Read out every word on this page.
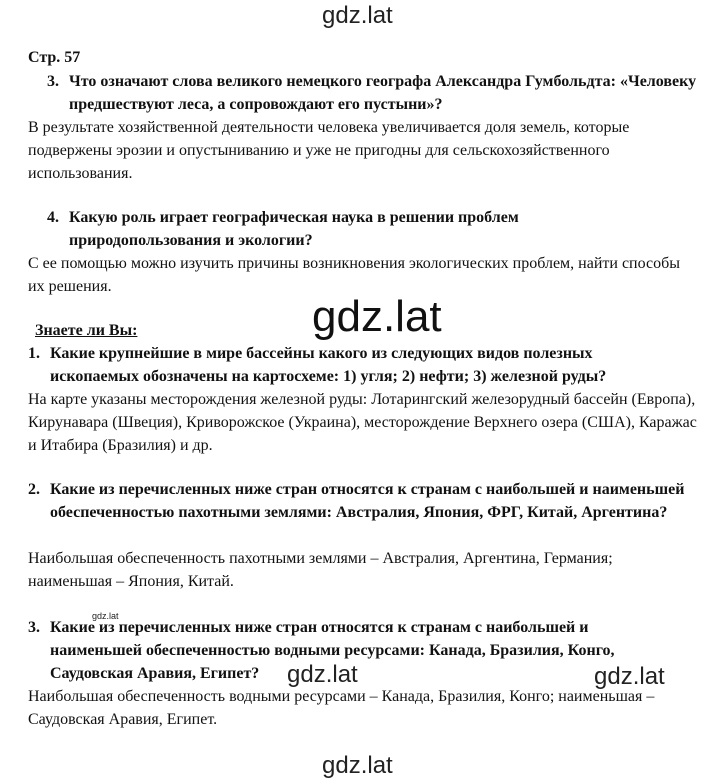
gdz.lat
gdz.lat
gdz.lat
gdz.lat	gdz.lat
gdz.lat
Стр. 57
3. Что означают слова великого немецкого географа Александра Гумбольдта: «Человеку предшествуют леса, а сопровождают его пустыни»?
В результате хозяйственной деятельности человека увеличивается доля земель, которые подвержены эрозии и опустыниванию и уже не пригодны для сельскохозяйственного использования.
4. Какую роль играет географическая наука в решении проблем природопользования и экологии?
С ее помощью можно изучить причины возникновения экологических проблем, найти способы их решения.
Знаете ли Вы:
1. Какие крупнейшие в мире бассейны какого из следующих видов полезных ископаемых обозначены на картосхеме: 1) угля; 2) нефти; 3) железной руды?
На карте указаны месторождения железной руды: Лотарингский железорудный бассейн (Европа), Кирунавара (Швеция), Криворожское (Украина), месторождение Верхнего озера (США), Каражас и Итабира (Бразилия) и др.
2. Какие из перечисленных ниже стран относятся к странам с наибольшей и наименьшей обеспеченностью пахотными землями: Австралия, Япония, ФРГ, Китай, Аргентина?
Наибольшая обеспеченность пахотными землями – Австралия, Аргентина, Германия; наименьшая – Япония, Китай.
3. Какие из перечисленных ниже стран относятся к странам с наибольшей и наименьшей обеспеченностью водными ресурсами: Канада, Бразилия, Конго, Саудовская Аравия, Египет?
Наибольшая обеспеченность водными ресурсами – Канада, Бразилия, Конго; наименьшая – Саудовская Аравия, Египет.
